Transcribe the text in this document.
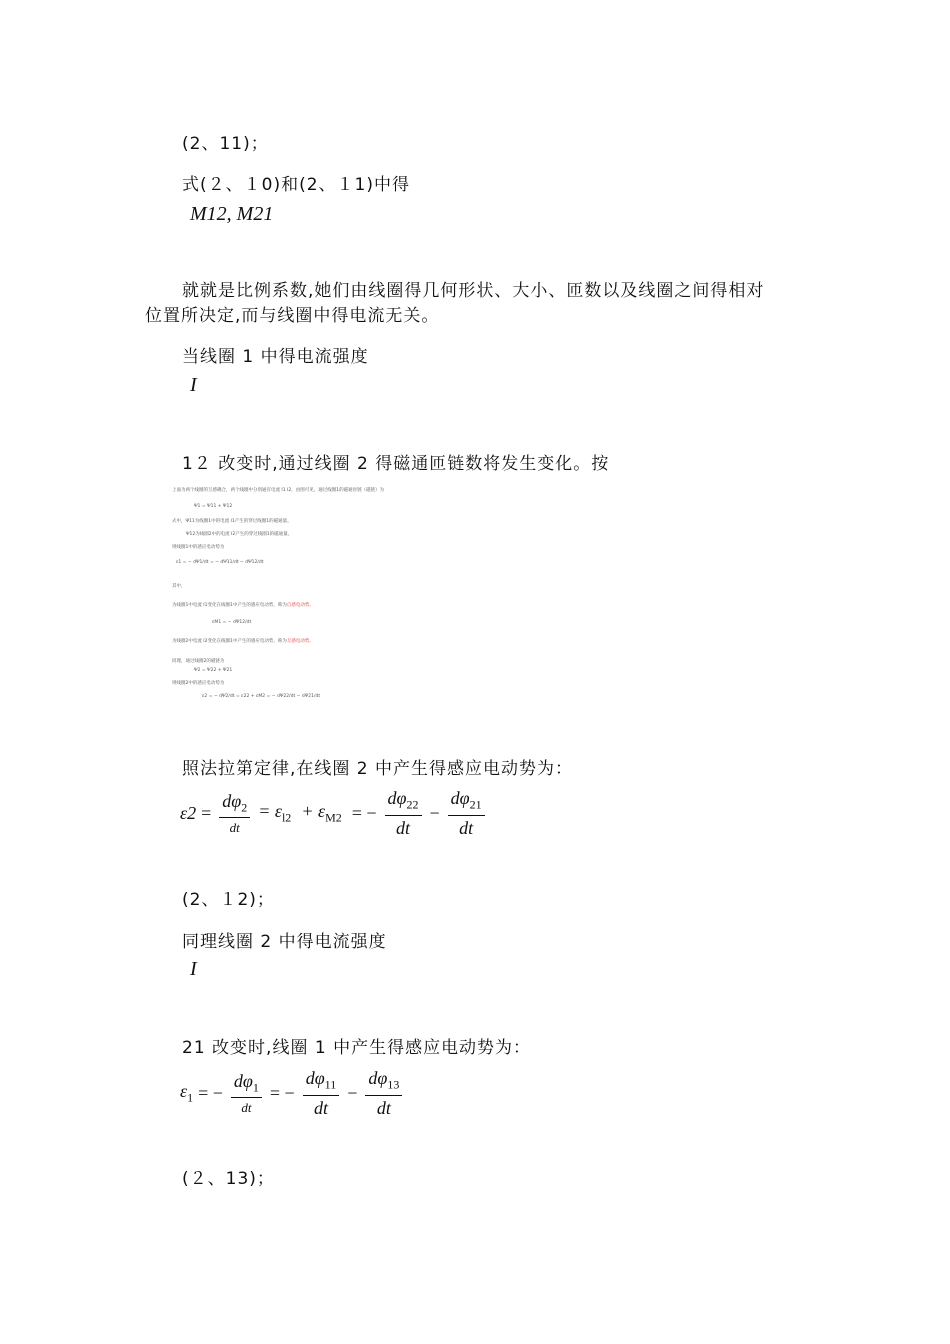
(2、11)；
式(２、１0)和(2、１1)中得
M12, M21
就就是比例系数,她们由线圈得几何形状、大小、匝数以及线圈之间得相对
位置所决定,而与线圈中得电流无关。
当线圈 1 中得电流强度
I
1２ 改变时,通过线圈 2 得磁通匝链数将发生变化。按
上面为两个线圈的互感耦合，两个线圈中分别通有电流 I1 I2，由图可见，通过线圈1的磁通匝链（磁链）为
Ψ1 = Ψ11 + Ψ12
式中，Ψ11为线圈1中的电流 I1产生的穿过线圈1的磁通量。
Ψ12为线圈2中的电流 I2产生的穿过线圈1的磁通量。
则线圈1中的感应电动势为
ε1 = − dΨ1/dt = − dΨ11/dt − dΨ12/dt
其中，
为线圈1中电流 I1变化在线圈1中产生的感应电动势，称为自感电动势。
εM1 = − dΨ12/dt
为线圈2中电流 I2变化在线圈1中产生的感应电动势，称为互感电动势。
同理，通过线圈2的磁链为
Ψ2 = Ψ22 + Ψ21
则线圈2中的感应电动势为
ε2 = − dΨ2/dt = ε22 + εM2 = − dΨ22/dt − dΨ21/dt
照法拉第定律,在线圈 2 中产生得感应电动势为：
$\varepsilon 2 = \frac{d\varphi_2}{dt} = \varepsilon_{l2} + \varepsilon_{M2}$ = − $\frac{d\varphi_{22}}{dt} - \frac{d\varphi_{21}}{dt}$
(2、１2)；
同理线圈 2 中得电流强度
I
21 改变时,线圈 1 中产生得感应电动势为：
$\varepsilon_1$ = − $\frac{d\varphi_1}{dt}$ = − $\frac{d\varphi_{11}}{dt} - \frac{d\varphi_{13}}{dt}$
(２、13)；
